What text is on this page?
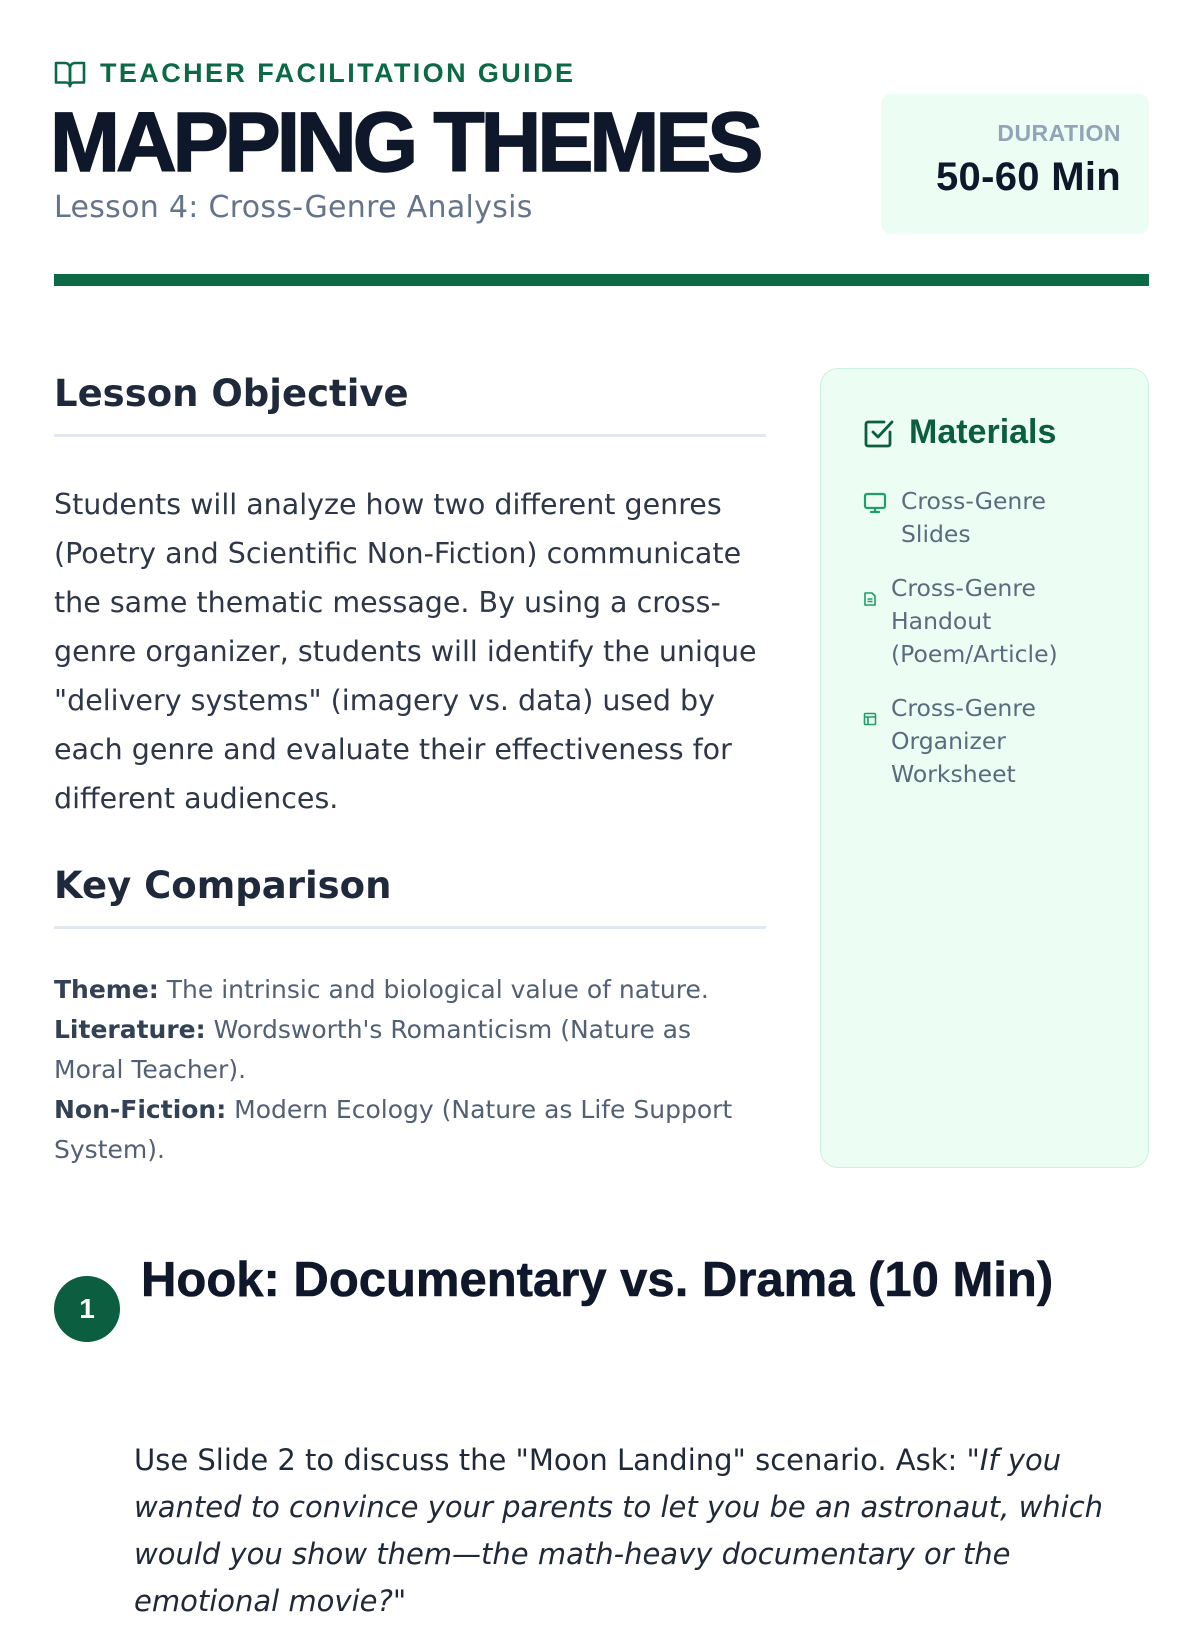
TEACHER FACILITATION GUIDE
MAPPING THEMES
Lesson 4: Cross-Genre Analysis
DURATION
50-60 Min
Lesson Objective

Students will analyze how two different genres (Poetry and Scientific Non-Fiction) communicate the same thematic message. By using a cross-genre organizer, students will identify the unique "delivery systems" (imagery vs. data) used by each genre and evaluate their effectiveness for different audiences.

Key Comparison

Theme: The intrinsic and biological value of nature.

Literature: Wordsworth's Romanticism (Nature as Moral Teacher).

Non-Fiction: Modern Ecology (Nature as Life Support System).

Materials
Cross-Genre Slides
Cross-Genre Handout (Poem/Article)
Cross-Genre Organizer Worksheet
1
Hook: Documentary vs. Drama (10 Min)

Use Slide 2 to discuss the "Moon Landing" scenario. Ask: "If you wanted to convince your parents to let you be an astronaut, which would you show them—the math-heavy documentary or the emotional movie?"
